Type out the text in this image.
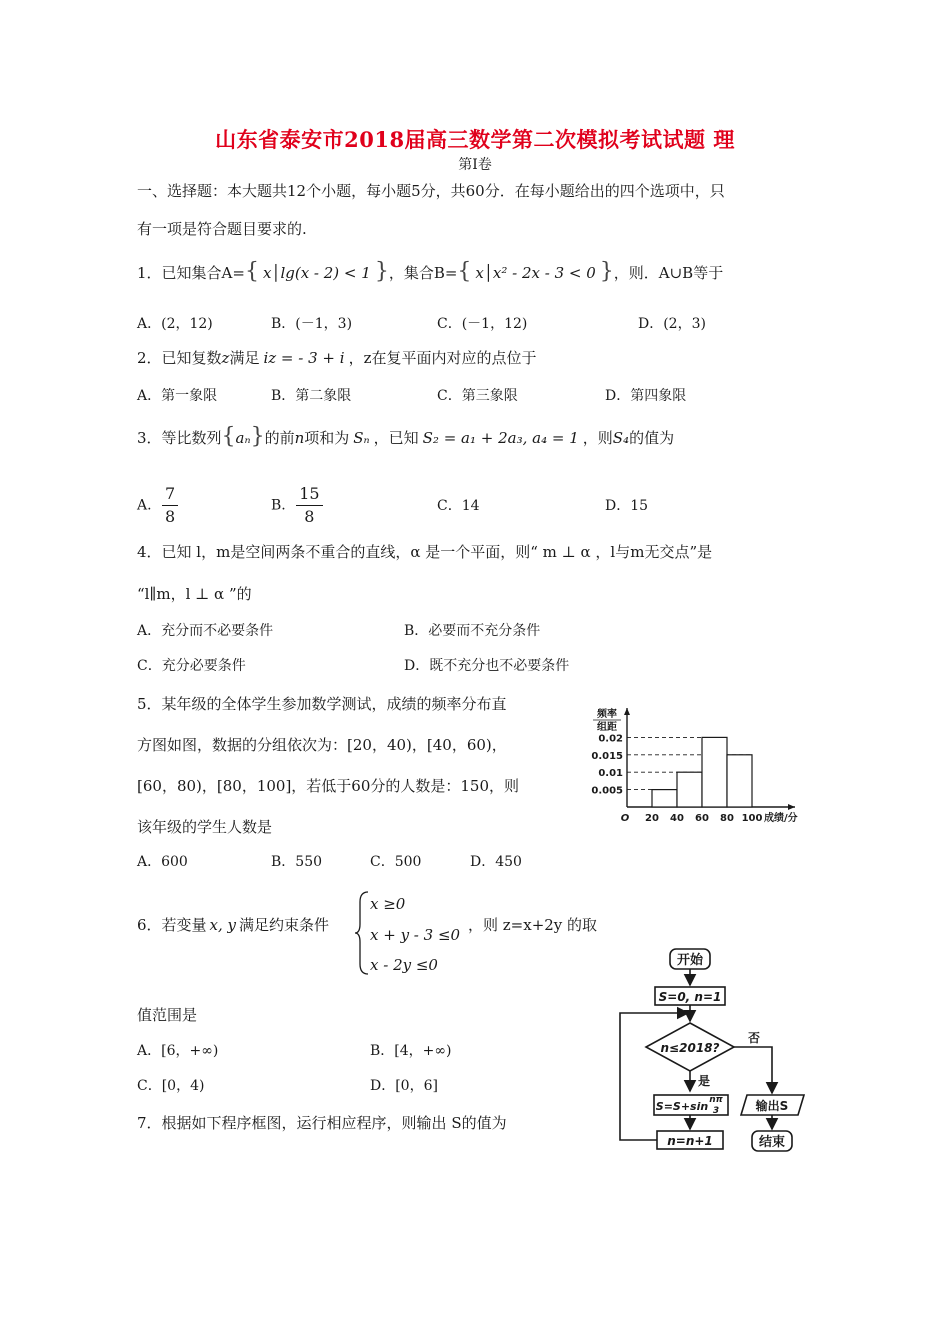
山东省泰安市2018届高三数学第二次模拟考试试题 理
第I卷
一、选择题：本大题共12个小题，每小题5分，共60分．在每小题给出的四个选项中，只
有一项是符合题目要求的.
1．已知集合A={ x│lg(x - 2) < 1 }，集合B={ x│x² - 2x - 3 < 0 }，则．A∪B等于
A．(2，12)	B．(－1，3)	C．(－1，12)	D．(2，3)
2．已知复数z满足 iz = - 3 + i ，z在复平面内对应的点位于
A．第一象限	B．第二象限	C．第三象限	D．第四象限
3．等比数列{aₙ}的前n项和为 Sₙ ，已知 S₂ = a₁ + 2a₃, a₄ = 1 ，则S₄的值为
A. $\frac{7}{8}$	B. $\frac{15}{8}$	C．14	D．15
4．已知 l，m是空间两条不重合的直线，α 是一个平面，则“ m ⊥ α ，l与m无交点”是
“l∥m，l ⊥ α ”的
A．充分而不必要条件	B．必要而不充分条件
C．充分必要条件	D．既不充分也不必要条件
5．某年级的全体学生参加数学测试，成绩的频率分布直
方图如图，数据的分组依次为：[20，40)，[40，60)，
[60，80)，[80，100]，若低于60分的人数是：150，则
该年级的学生人数是
A．600	B．550	C．500	D．450
频率
组距
0.02
0.015
0.01
0.005
O 20 40 60 80 100 成绩/分
6．若变量 x, y 满足约束条件
x ≥0
x + y - 3 ≤0
x - 2y ≤0
，则 z=x+2y 的取
值范围是
A．[6，+∞)	B．[4，+∞)
C．[0，4)	D．[0，6]
7．根据如下程序框图，运行相应程序，则输出 S的值为
开始
S=0, n=1
n≤2018?
否
是
S=S+sin nπ
3
n=n+1
输出S
结束
